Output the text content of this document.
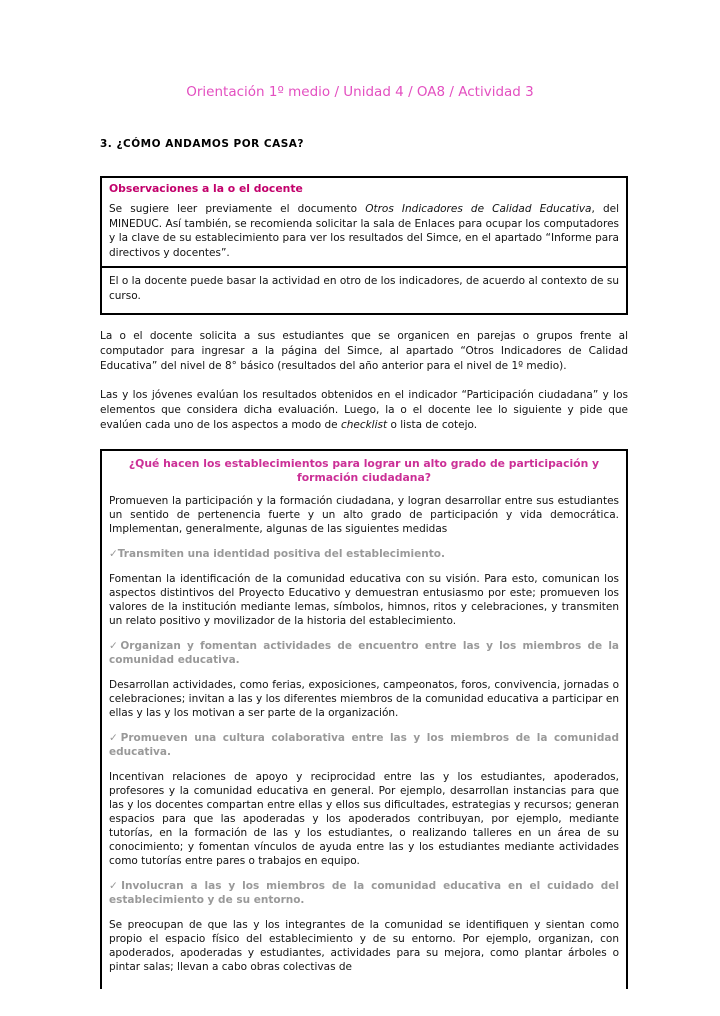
Orientación 1º medio / Unidad 4 / OA8 / Actividad 3
3. ¿CÓMO ANDAMOS POR CASA?
Observaciones a la o el docente

Se sugiere leer previamente el documento Otros Indicadores de Calidad Educativa, del MINEDUC. Así también, se recomienda solicitar la sala de Enlaces para ocupar los computadores y la clave de su establecimiento para ver los resultados del Simce, en el apartado “Informe para directivos y docentes”.

El o la docente puede basar la actividad en otro de los indicadores, de acuerdo al contexto de su curso.

La o el docente solicita a sus estudiantes que se organicen en parejas o grupos frente al computador para ingresar a la página del Simce, al apartado “Otros Indicadores de Calidad Educativa” del nivel de 8° básico (resultados del año anterior para el nivel de 1º medio).

Las y los jóvenes evalúan los resultados obtenidos en el indicador “Participación ciudadana” y los elementos que considera dicha evaluación. Luego, la o el docente lee lo siguiente y pide que evalúen cada uno de los aspectos a modo de checklist o lista de cotejo.

¿Qué hacen los establecimientos para lograr un alto grado de participación y formación ciudadana?

Promueven la participación y la formación ciudadana, y logran desarrollar entre sus estudiantes un sentido de pertenencia fuerte y un alto grado de participación y vida democrática. Implementan, generalmente, algunas de las siguientes medidas

✓Transmiten una identidad positiva del establecimiento.

Fomentan la identificación de la comunidad educativa con su visión. Para esto, comunican los aspectos distintivos del Proyecto Educativo y demuestran entusiasmo por este; promueven los valores de la institución mediante lemas, símbolos, himnos, ritos y celebraciones, y transmiten un relato positivo y movilizador de la historia del establecimiento.

✓Organizan y fomentan actividades de encuentro entre las y los miembros de la comunidad educativa.

Desarrollan actividades, como ferias, exposiciones, campeonatos, foros, convivencia, jornadas o celebraciones; invitan a las y los diferentes miembros de la comunidad educativa a participar en ellas y las y los motivan a ser parte de la organización.

✓Promueven una cultura colaborativa entre las y los miembros de la comunidad educativa.

Incentivan relaciones de apoyo y reciprocidad entre las y los estudiantes, apoderados, profesores y la comunidad educativa en general. Por ejemplo, desarrollan instancias para que las y los docentes compartan entre ellas y ellos sus dificultades, estrategias y recursos; generan espacios para que las apoderadas y los apoderados contribuyan, por ejemplo, mediante tutorías, en la formación de las y los estudiantes, o realizando talleres en un área de su conocimiento; y fomentan vínculos de ayuda entre las y los estudiantes mediante actividades como tutorías entre pares o trabajos en equipo.

✓Involucran a las y los miembros de la comunidad educativa en el cuidado del establecimiento y de su entorno.

Se preocupan de que las y los integrantes de la comunidad se identifiquen y sientan como propio el espacio físico del establecimiento y de su entorno. Por ejemplo, organizan, con apoderados, apoderadas y estudiantes, actividades para su mejora, como plantar árboles o pintar salas; llevan a cabo obras colectivas de
